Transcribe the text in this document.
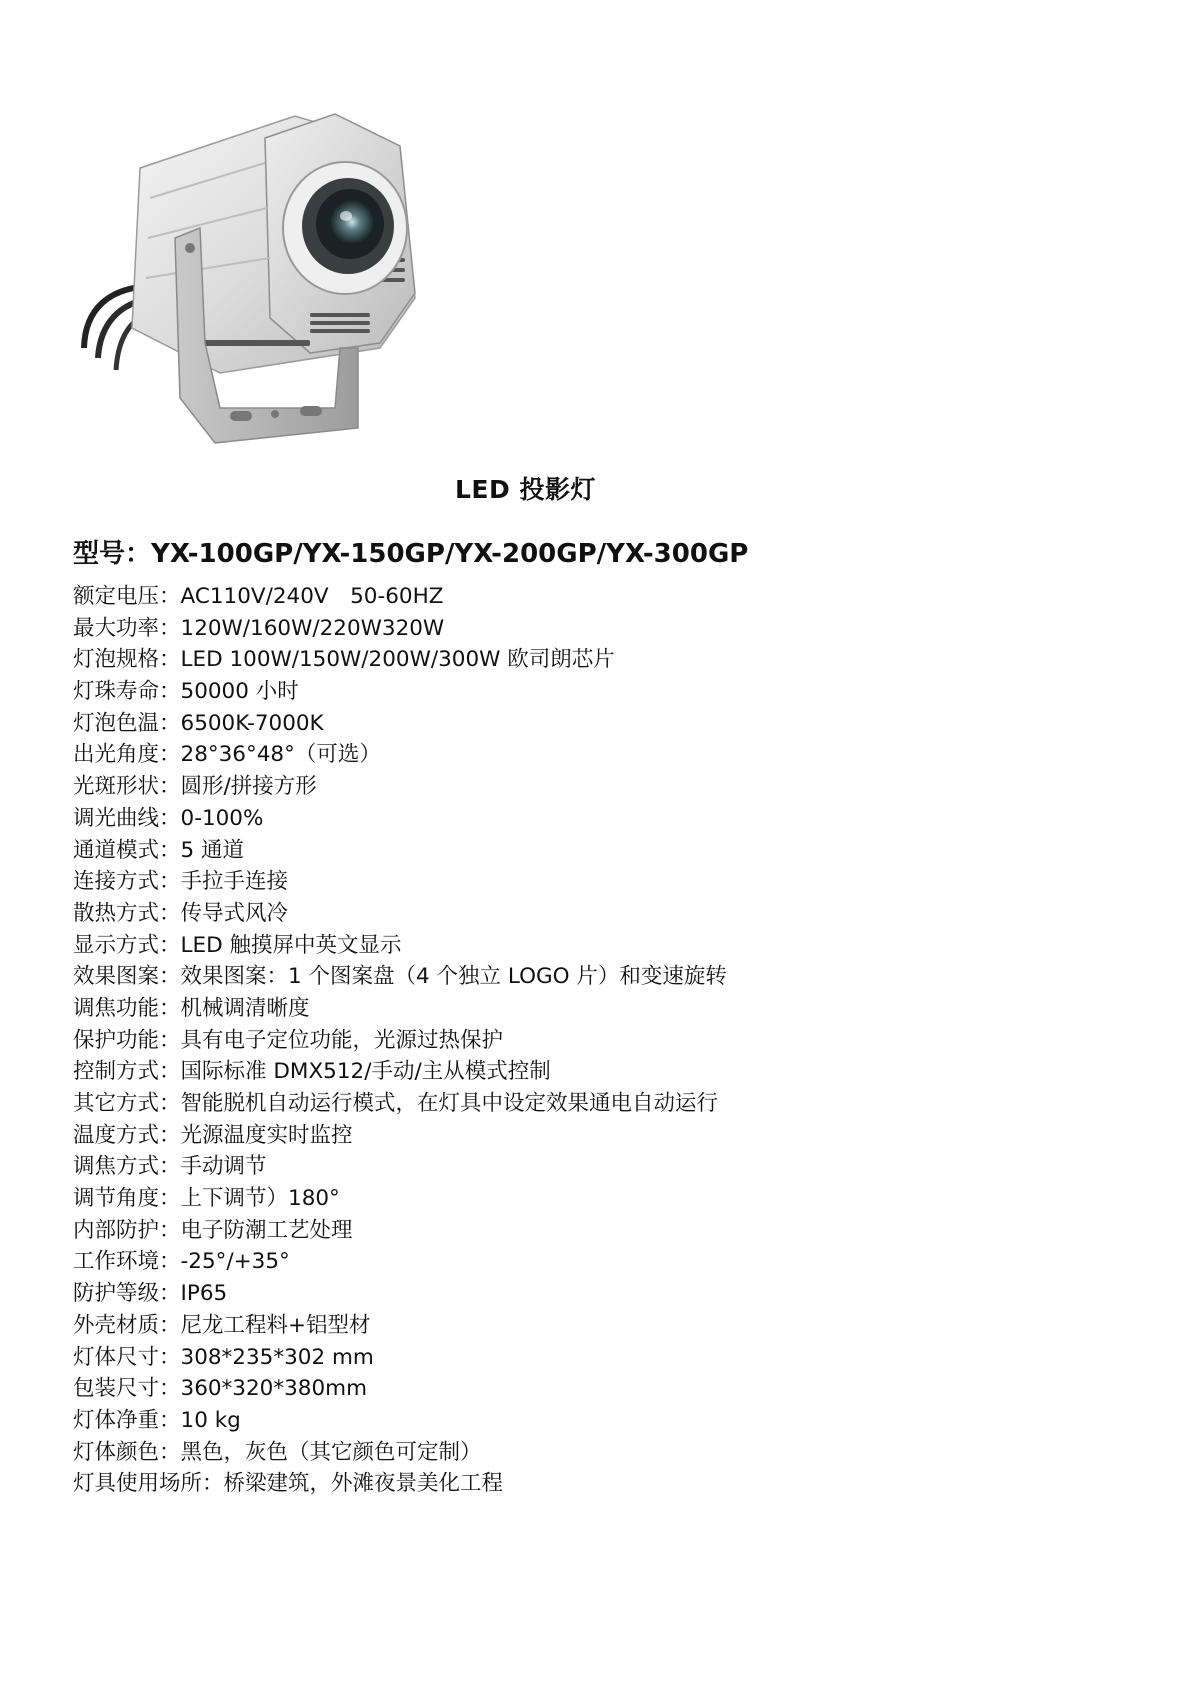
LED 投影灯
型号：YX-100GP/YX-150GP/YX-200GP/YX-300GP
额定电压：AC110V/240V　50-60HZ
最大功率：120W/160W/220W320W
灯泡规格：LED 100W/150W/200W/300W 欧司朗芯片
灯珠寿命：50000 小时
灯泡色温：6500K-7000K
出光角度：28°36°48°（可选）
光斑形状：圆形/拼接方形
调光曲线：0-100%
通道模式：5 通道
连接方式：手拉手连接
散热方式：传导式风冷
显示方式：LED 触摸屏中英文显示
效果图案：效果图案：1 个图案盘（4 个独立 LOGO 片）和变速旋转
调焦功能：机械调清晰度
保护功能：具有电子定位功能，光源过热保护
控制方式：国际标准 DMX512/手动/主从模式控制
其它方式：智能脱机自动运行模式，在灯具中设定效果通电自动运行
温度方式：光源温度实时监控
调焦方式：手动调节
调节角度：上下调节）180°
内部防护：电子防潮工艺处理
工作环境：-25°/+35°
防护等级：IP65
外壳材质：尼龙工程料+铝型材
灯体尺寸：308*235*302 mm
包装尺寸：360*320*380mm
灯体净重：10 kg
灯体颜色：黑色，灰色（其它颜色可定制）
灯具使用场所：桥梁建筑，外滩夜景美化工程
